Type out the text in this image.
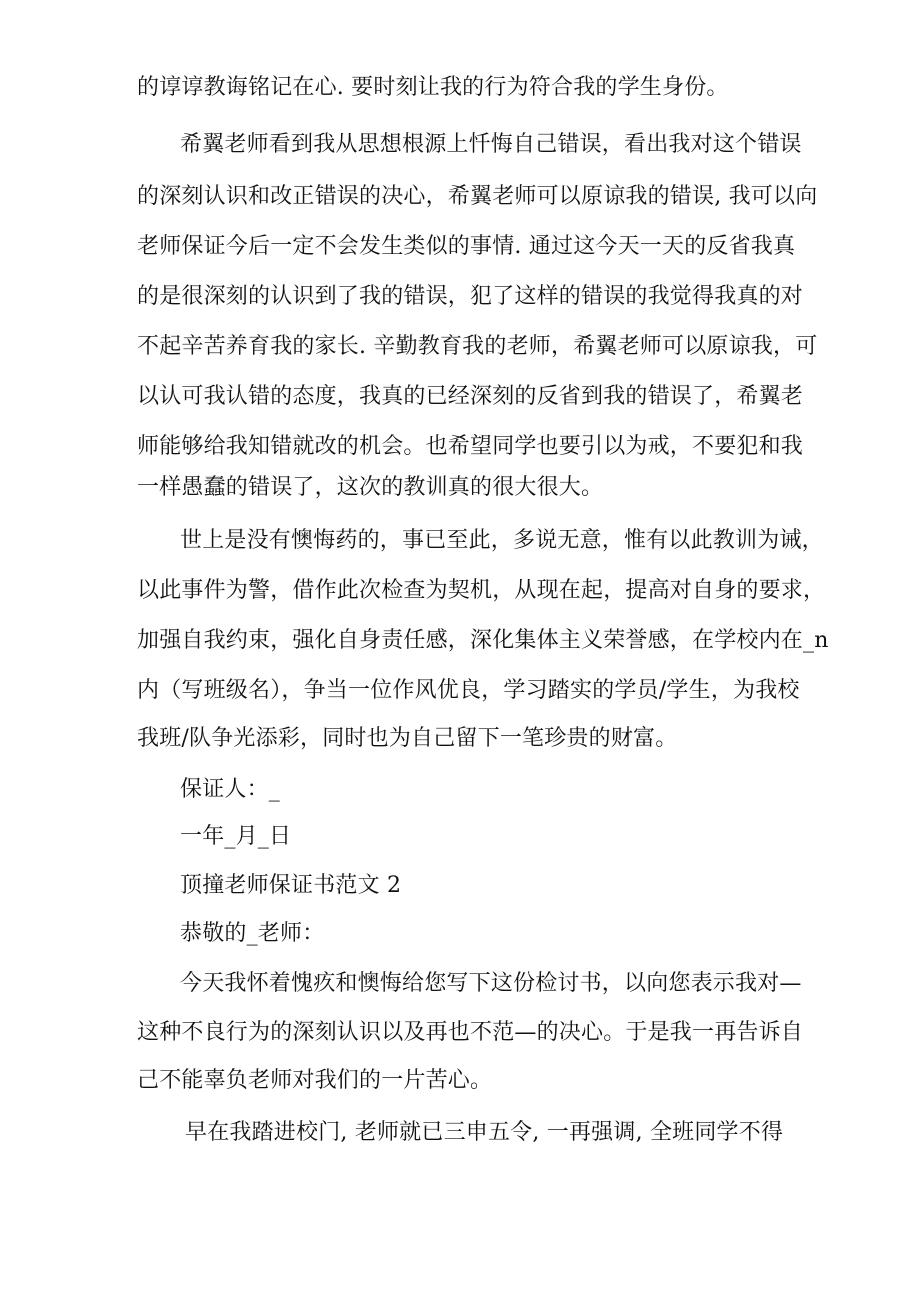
的谆谆教诲铭记在心. 要时刻让我的行为符合我的学生身份。
希翼老师看到我从思想根源上忏悔自己错误，看出我对这个错误
的深刻认识和改正错误的决心，希翼老师可以原谅我的错误, 我可以向
老师保证今后一定不会发生类似的事情. 通过这今天一天的反省我真
的是很深刻的认识到了我的错误，犯了这样的错误的我觉得我真的对
不起辛苦养育我的家长. 辛勤教育我的老师，希翼老师可以原谅我，可
以认可我认错的态度，我真的已经深刻的反省到我的错误了，希翼老
师能够给我知错就改的机会。也希望同学也要引以为戒，不要犯和我
一样愚蠢的错误了，这次的教训真的很大很大。
世上是没有懊悔药的，事已至此，多说无意，惟有以此教训为诫，
以此事件为警，借作此次检查为契机，从现在起，提高对自身的要求，
加强自我约束，强化自身责任感，深化集体主义荣誉感，在学校内在_n
内（写班级名），争当一位作风优良，学习踏实的学员/学生，为我校
我班/队争光添彩，同时也为自己留下一笔珍贵的财富。
保证人：_
一年_月_日
顶撞老师保证书范文 2
恭敬的_老师：
今天我怀着愧疚和懊悔给您写下这份检讨书，以向您表示我对—
这种不良行为的深刻认识以及再也不范—的决心。于是我一再告诉自
己不能辜负老师对我们的一片苦心。
早在我踏进校门, 老师就已三申五令, 一再强调, 全班同学不得
